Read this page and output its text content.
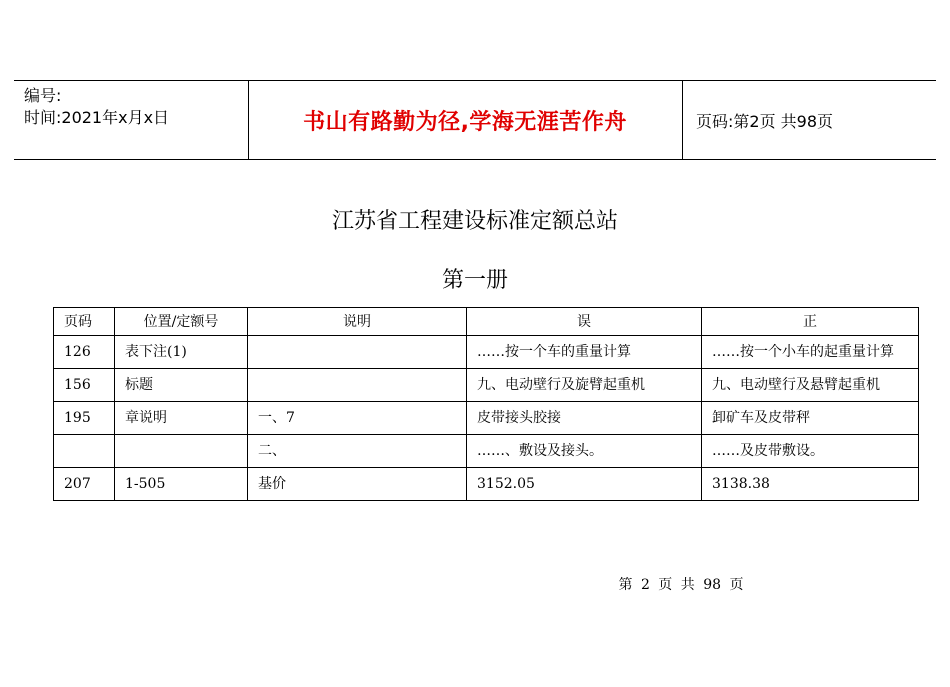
编号:
时间:2021年x月x日	书山有路勤为径,学海无涯苦作舟	页码:第2页 共98页
江苏省工程建设标准定额总站
第一册
页码	位置/定额号	说明	误	正
126	表下注(1)		……按一个车的重量计算	……按一个小车的起重量计算
156	标题		九、电动壁行及旋臂起重机	九、电动壁行及悬臂起重机
195	章说明	一、7	皮带接头胶接	卸矿车及皮带秤
		二、	……、敷设及接头。	……及皮带敷设。
207	1-505	基价	3152.05	3138.38
第 2 页 共 98 页
